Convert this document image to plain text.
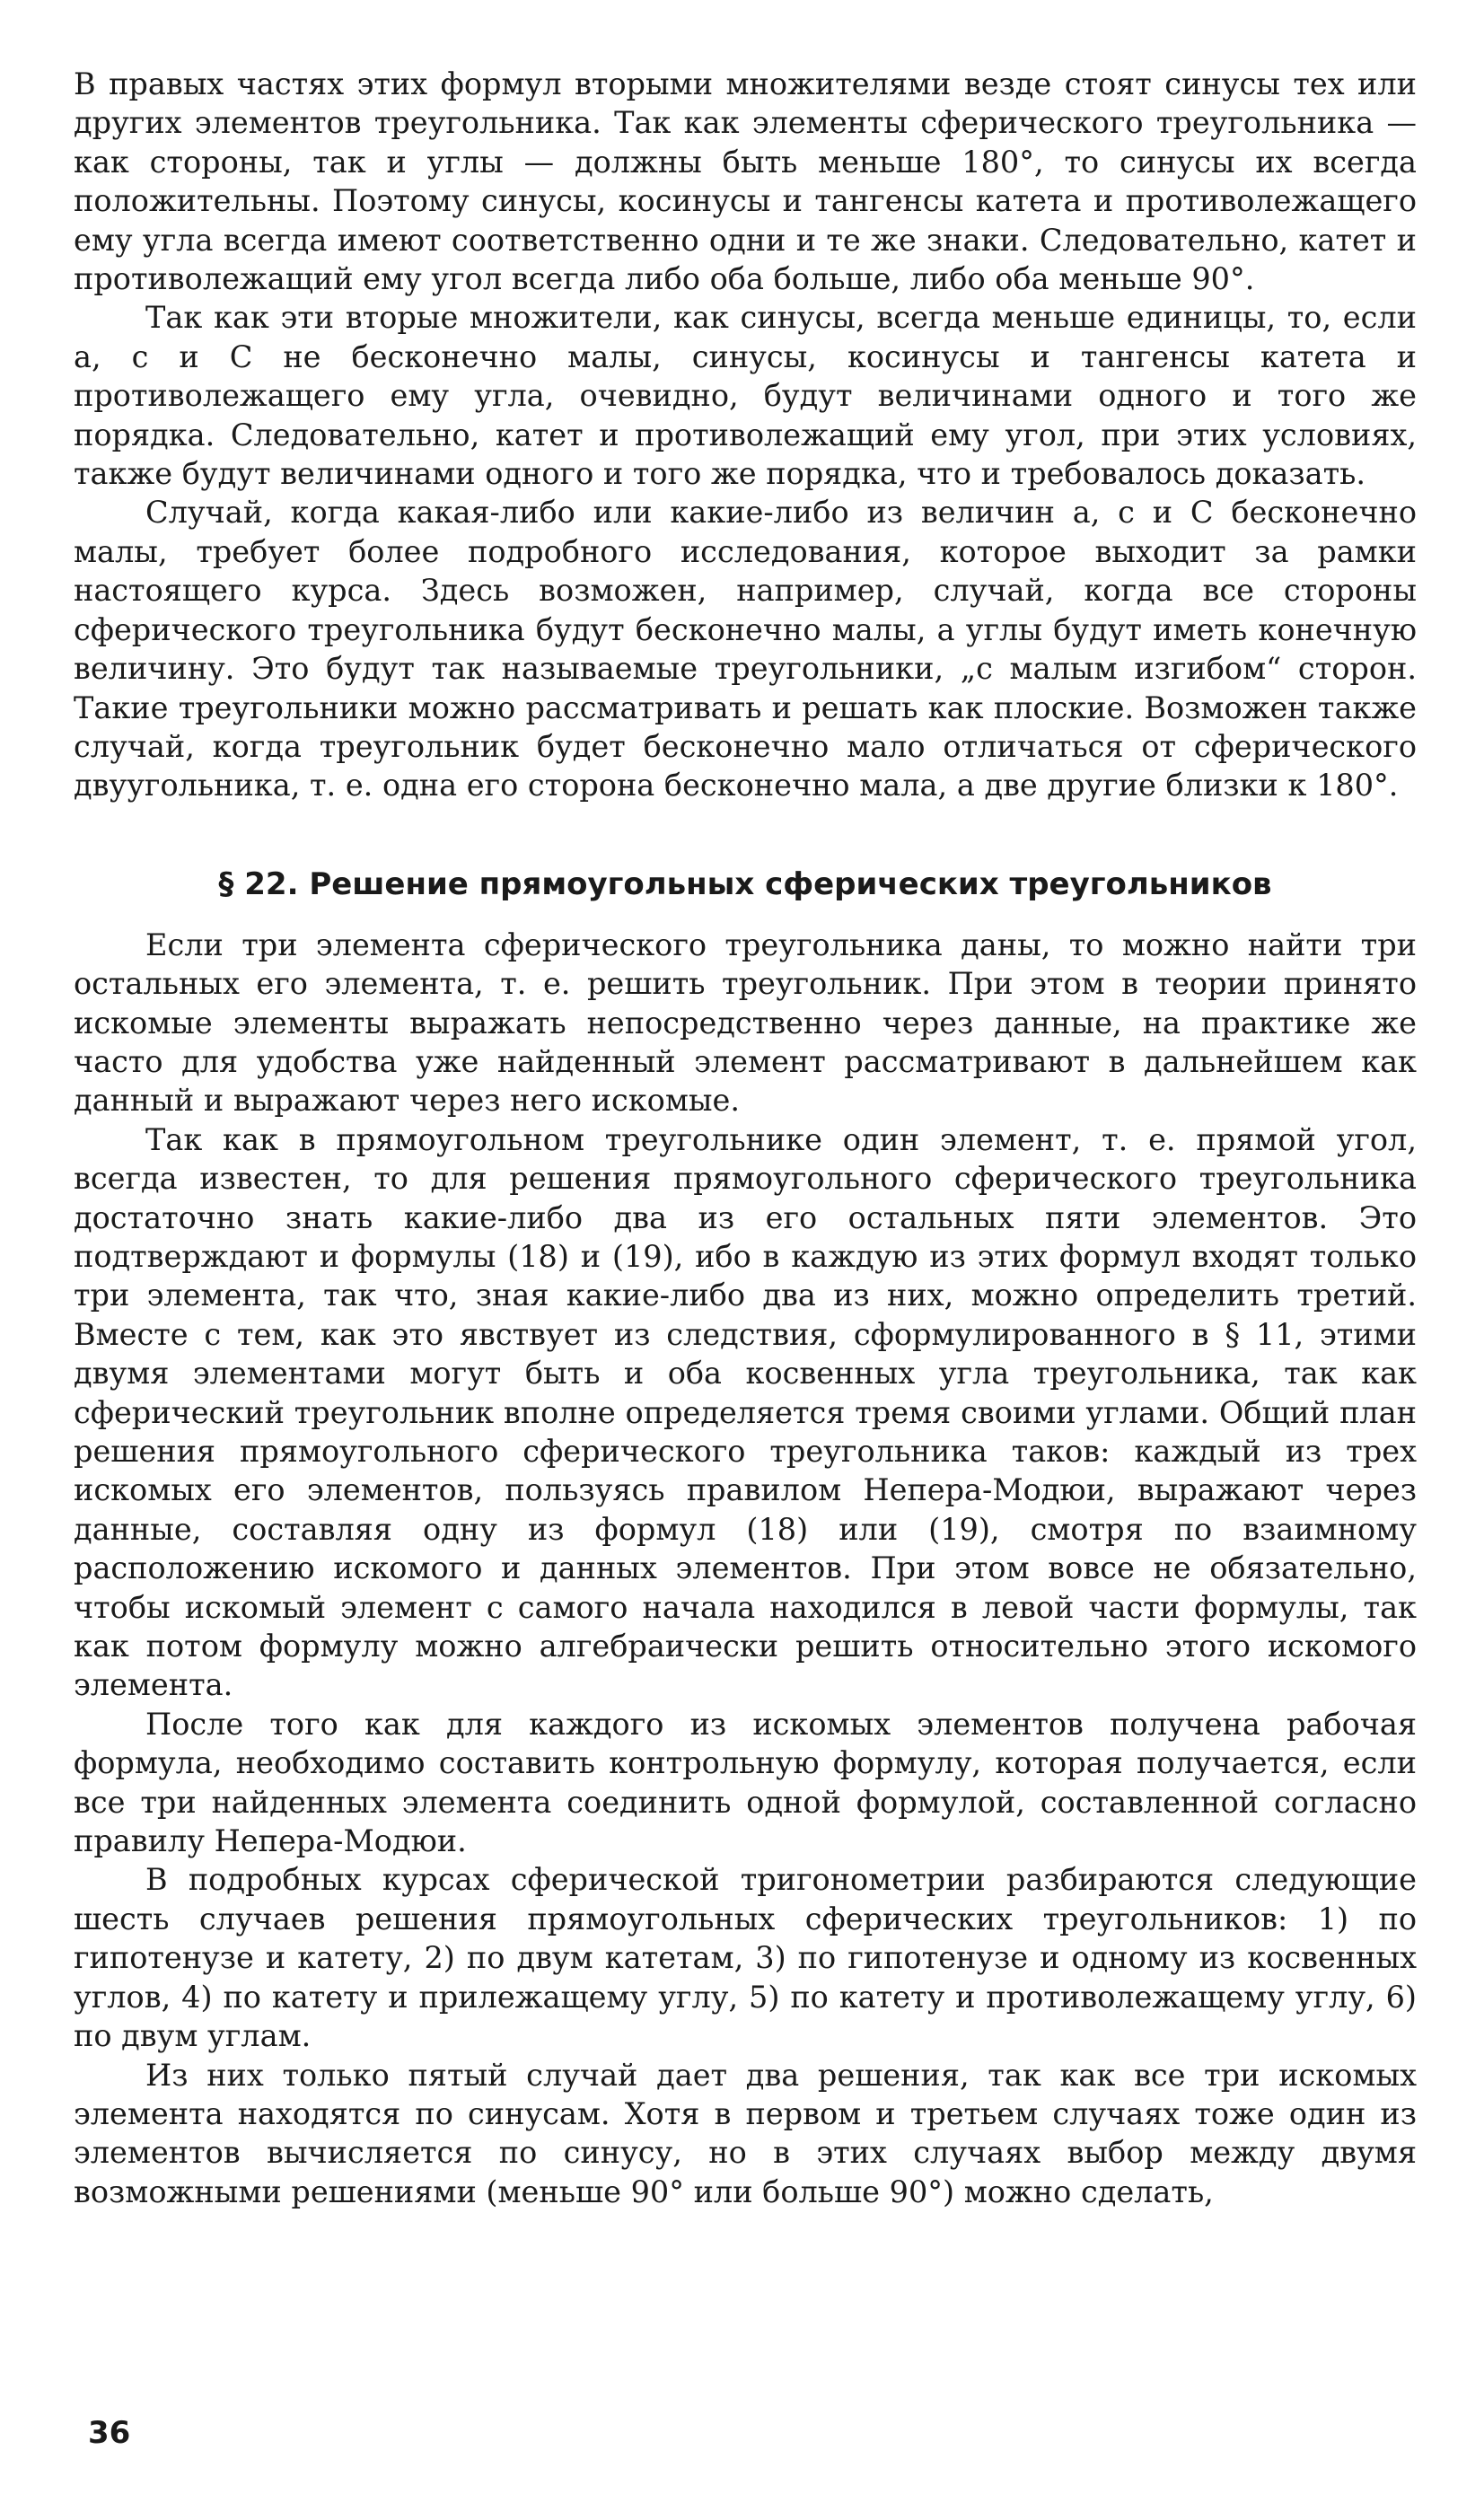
В правых частях этих формул вторыми множителями везде стоят синусы тех или других элементов треугольника. Так как элементы сферического треугольника — как стороны, так и углы — должны быть меньше 180°, то синусы их всегда положительны. Поэтому синусы, косинусы и тангенсы катета и противолежащего ему угла всегда имеют соответственно одни и те же знаки. Следовательно, катет и противолежащий ему угол всегда либо оба больше, либо оба меньше 90°.

Так как эти вторые множители, как синусы, всегда меньше единицы, то, если a, c и C не бесконечно малы, синусы, косинусы и тангенсы катета и противолежащего ему угла, очевидно, будут величинами одного и того же порядка. Следовательно, катет и противолежащий ему угол, при этих условиях, также будут величинами одного и того же порядка, что и требовалось доказать.

Случай, когда какая-либо или какие-либо из величин a, c и C бесконечно малы, требует более подробного исследования, которое выходит за рамки настоящего курса. Здесь возможен, например, случай, когда все стороны сферического треугольника будут бесконечно малы, а углы будут иметь конечную величину. Это будут так называемые треугольники, „с малым изгибом“ сторон. Такие треугольники можно рассматривать и решать как плоские. Возможен также случай, когда треугольник будет бесконечно мало отличаться от сферического двуугольника, т. е. одна его сторона бесконечно мала, а две другие близки к 180°.

§ 22. Решение прямоугольных сферических треугольников

Если три элемента сферического треугольника даны, то можно найти три остальных его элемента, т. е. решить треугольник. При этом в теории принято искомые элементы выражать непосредственно через данные, на практике же часто для удобства уже найденный элемент рассматривают в дальнейшем как данный и выражают через него искомые.

Так как в прямоугольном треугольнике один элемент, т. е. прямой угол, всегда известен, то для решения прямоугольного сферического треугольника достаточно знать какие-либо два из его остальных пяти элементов. Это подтверждают и формулы (18) и (19), ибо в каждую из этих формул входят только три элемента, так что, зная какие-либо два из них, можно определить третий. Вместе с тем, как это явствует из следствия, сформулированного в § 11, этими двумя элементами могут быть и оба косвенных угла треугольника, так как сферический треугольник вполне определяется тремя своими углами. Общий план решения прямоугольного сферического треугольника таков: каждый из трех искомых его элементов, пользуясь правилом Непера-Модюи, выражают через данные, составляя одну из формул (18) или (19), смотря по взаимному расположению искомого и данных элементов. При этом вовсе не обязательно, чтобы искомый элемент с самого начала находился в левой части формулы, так как потом формулу можно алгебраически решить относительно этого искомого элемента.

После того как для каждого из искомых элементов получена рабочая формула, необходимо составить контрольную формулу, которая получается, если все три найденных элемента соединить одной формулой, составленной согласно правилу Непера-Модюи.

В подробных курсах сферической тригонометрии разбираются следующие шесть случаев решения прямоугольных сферических треугольников: 1) по гипотенузе и катету, 2) по двум катетам, 3) по гипотенузе и одному из косвенных углов, 4) по катету и прилежащему углу, 5) по катету и противолежащему углу, 6) по двум углам.

Из них только пятый случай дает два решения, так как все три искомых элемента находятся по синусам. Хотя в первом и третьем случаях тоже один из элементов вычисляется по синусу, но в этих случаях выбор между двумя возможными решениями (меньше 90° или больше 90°) можно сделать,

36
